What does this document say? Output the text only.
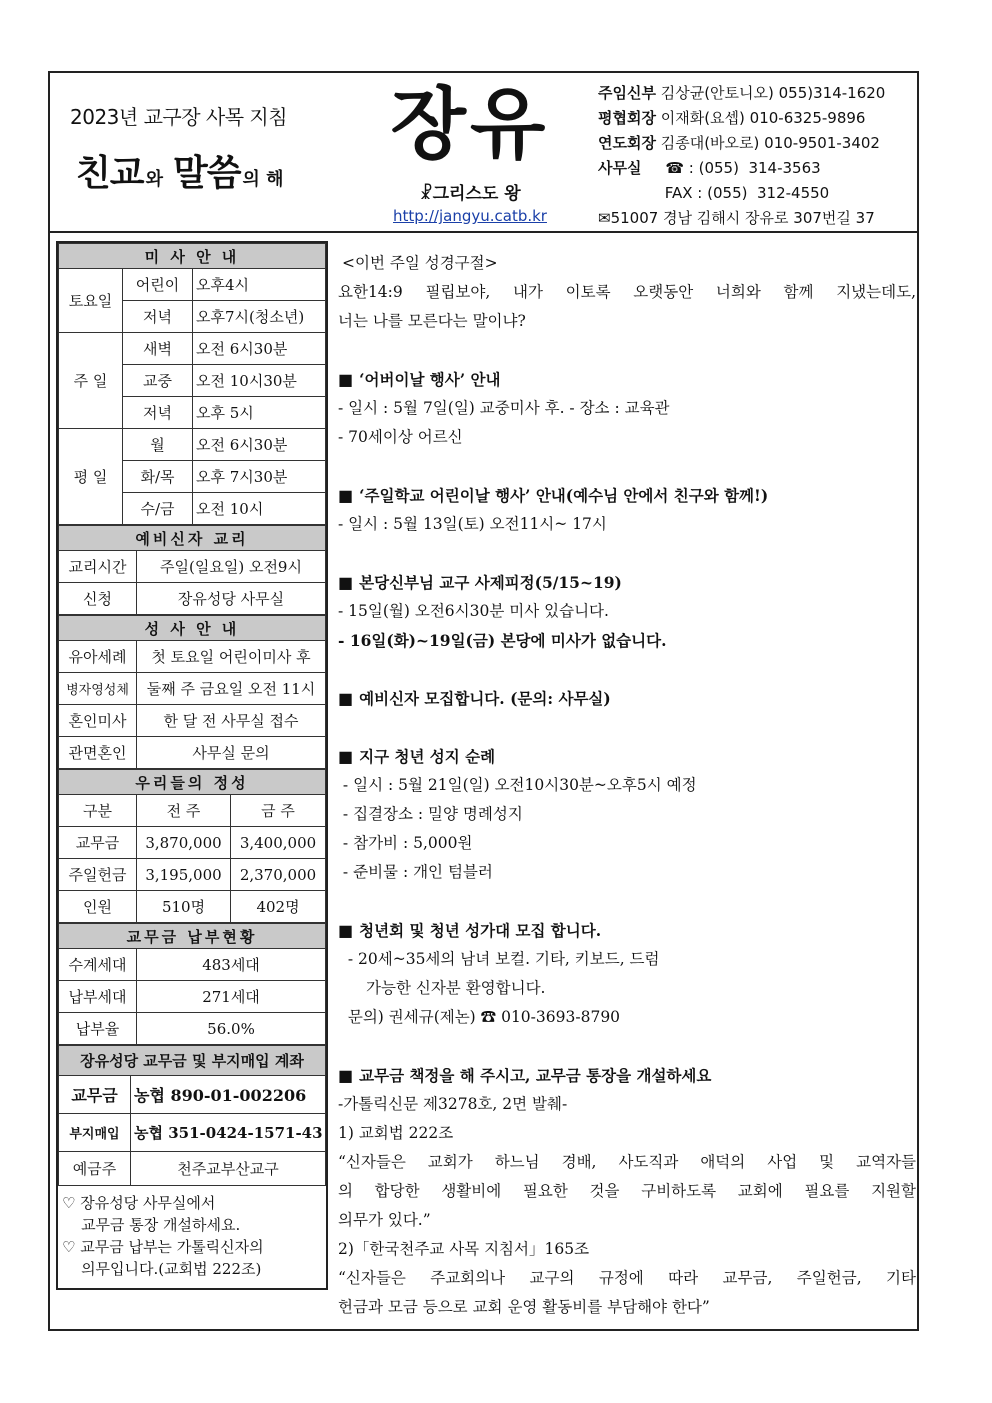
2023년 교구장 사목 지침
친교 와 말씀 의 해
장유
☧그리스도 왕
http://jangyu.catb.kr
주임신부 김상균(안토니오) 055)314-1620
평협회장 이재화(요셉) 010-6325-9896
연도회장 김종대(바오로) 010-9501-3402
사무실     ☎ : (055)  314-3563
FAX : (055)  312-4550
✉51007 경남 김해시 장유로 307번길 37
미 사 안 내		
토요일	어린이	오후4시
	저녁	오후7시(청소년)
주 일	새벽	오전 6시30분
	교중	오전 10시30분
	저녁	오후 5시
평 일	월	오전 6시30분
	화/목	오후 7시30분
	수/금	오전 10시
예비신자 교리	
교리시간	주일(일요일) 오전9시
신청	장유성당 사무실
성 사 안 내	
유아세례	첫 토요일 어린이미사 후
병자영성체	둘째 주 금요일 오전 11시
혼인미사	한 달 전 사무실 접수
관면혼인	사무실 문의
우리들의 정성		
구분	전 주	금 주
교무금	3,870,000	3,400,000
주일헌금	3,195,000	2,370,000
인원	510명	402명
교무금 납부현황	
수계세대	483세대
납부세대	271세대
납부율	56.0%
장유성당 교무금 및 부지매입 계좌	
교무금	농협 890-01-002206
부지매입	농협 351-0424-1571-43
예금주	천주교부산교구
♡ 장유성당 사무실에서
교무금 통장 개설하세요.
♡ 교무금 납부는 가톨릭신자의
의무입니다.(교회법 222조)
<이번 주일 성경구절>
요한14:9 필립보야, 내가 이토록 오랫동안 너희와 함께 지냈는데도,
너는 나를 모른다는 말이냐?
■ ‘어버이날 행사’ 안내
- 일시 : 5월 7일(일) 교중미사 후. - 장소 : 교육관
- 70세이상 어르신
■ ‘주일학교 어린이날 행사’ 안내(예수님 안에서 친구와 함께!)
- 일시 : 5월 13일(토) 오전11시~ 17시
■ 본당신부님 교구 사제피정(5/15~19)
- 15일(월) 오전6시30분 미사 있습니다.
- 16일(화)~19일(금) 본당에 미사가 없습니다.
■ 예비신자 모집합니다. (문의: 사무실)
■ 지구 청년 성지 순례
- 일시 : 5월 21일(일) 오전10시30분~오후5시 예정
- 집결장소 : 밀양 명례성지
- 참가비 : 5,000원
- 준비물 : 개인 텀블러
■ 청년회 및 청년 성가대 모집 합니다.
- 20세~35세의 남녀 보컬. 기타, 키보드, 드럼
가능한 신자분 환영합니다.
문의) 권세규(제논) ☎ 010-3693-8790
■ 교무금 책정을 해 주시고, 교무금 통장을 개설하세요
-가톨릭신문 제3278호, 2면 발췌-
1) 교회법 222조
“신자들은 교회가 하느님 경배, 사도직과 애덕의 사업 및 교역자들
의 합당한 생활비에 필요한 것을 구비하도록 교회에 필요를 지원할
의무가 있다.”
2)「한국천주교 사목 지침서」165조
“신자들은 주교회의나 교구의 규정에 따라 교무금, 주일헌금, 기타
헌금과 모금 등으로 교회 운영 활동비를 부담해야 한다”
